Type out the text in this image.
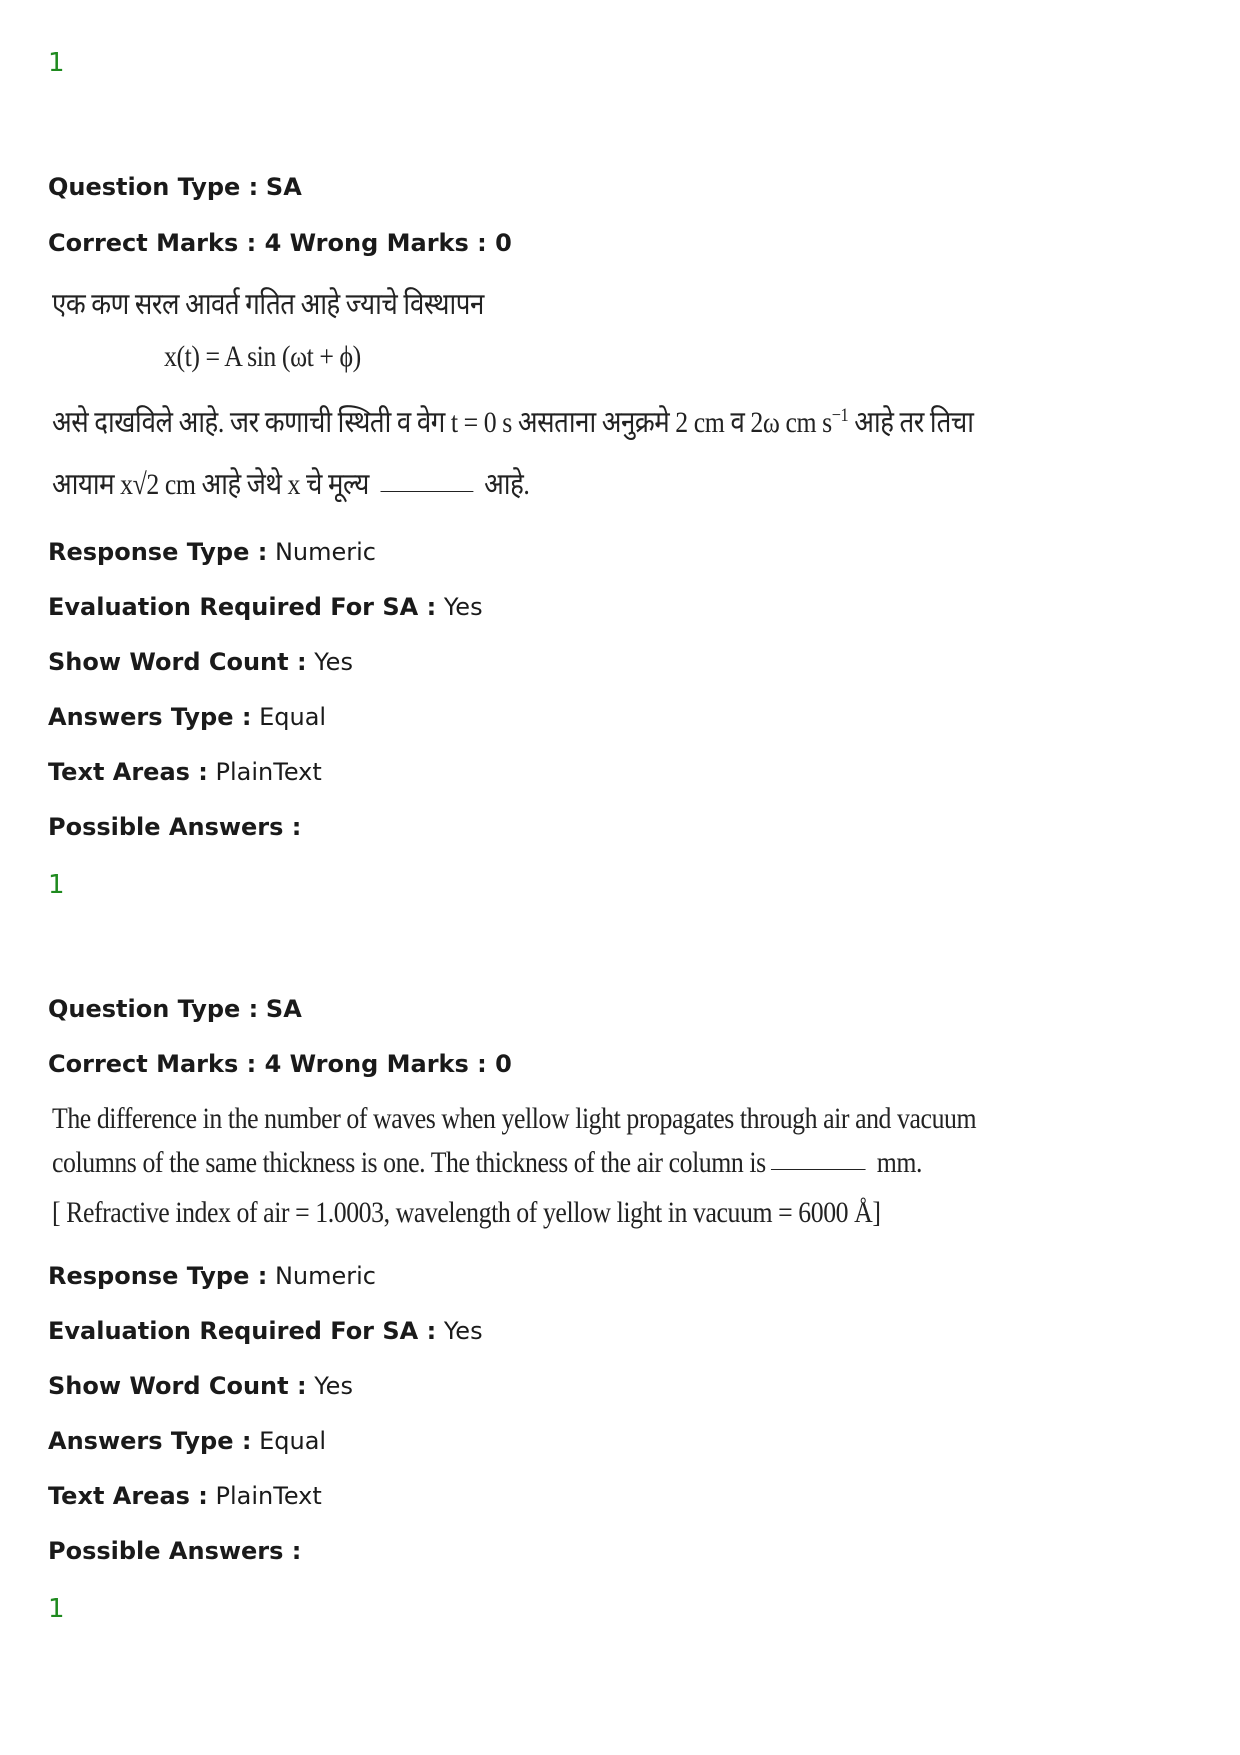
1
Question Type : SA
Correct Marks : 4 Wrong Marks : 0
एक कण सरल आवर्त गतित आहे ज्याचे विस्थापन
x(t) = A sin (ωt + ϕ)
असे दाखविले आहे. जर कणाची स्थिती व वेग t = 0 s असताना अनुक्रमे 2 cm व 2ω cm $s^{-1}$ आहे तर तिचा
आयाम x√2 cm आहे जेथे x चे मूल्य	आहे.
Response Type : Numeric
Evaluation Required For SA : Yes
Show Word Count : Yes
Answers Type : Equal
Text Areas : PlainText
Possible Answers :
1
Question Type : SA
Correct Marks : 4 Wrong Marks : 0
The difference in the number of waves when yellow light propagates through air and vacuum
columns of the same thickness is one. The thickness of the air column is	mm.
[ Refractive index of air = 1.0003, wavelength of yellow light in vacuum = 6000 Å]
Response Type : Numeric
Evaluation Required For SA : Yes
Show Word Count : Yes
Answers Type : Equal
Text Areas : PlainText
Possible Answers :
1
